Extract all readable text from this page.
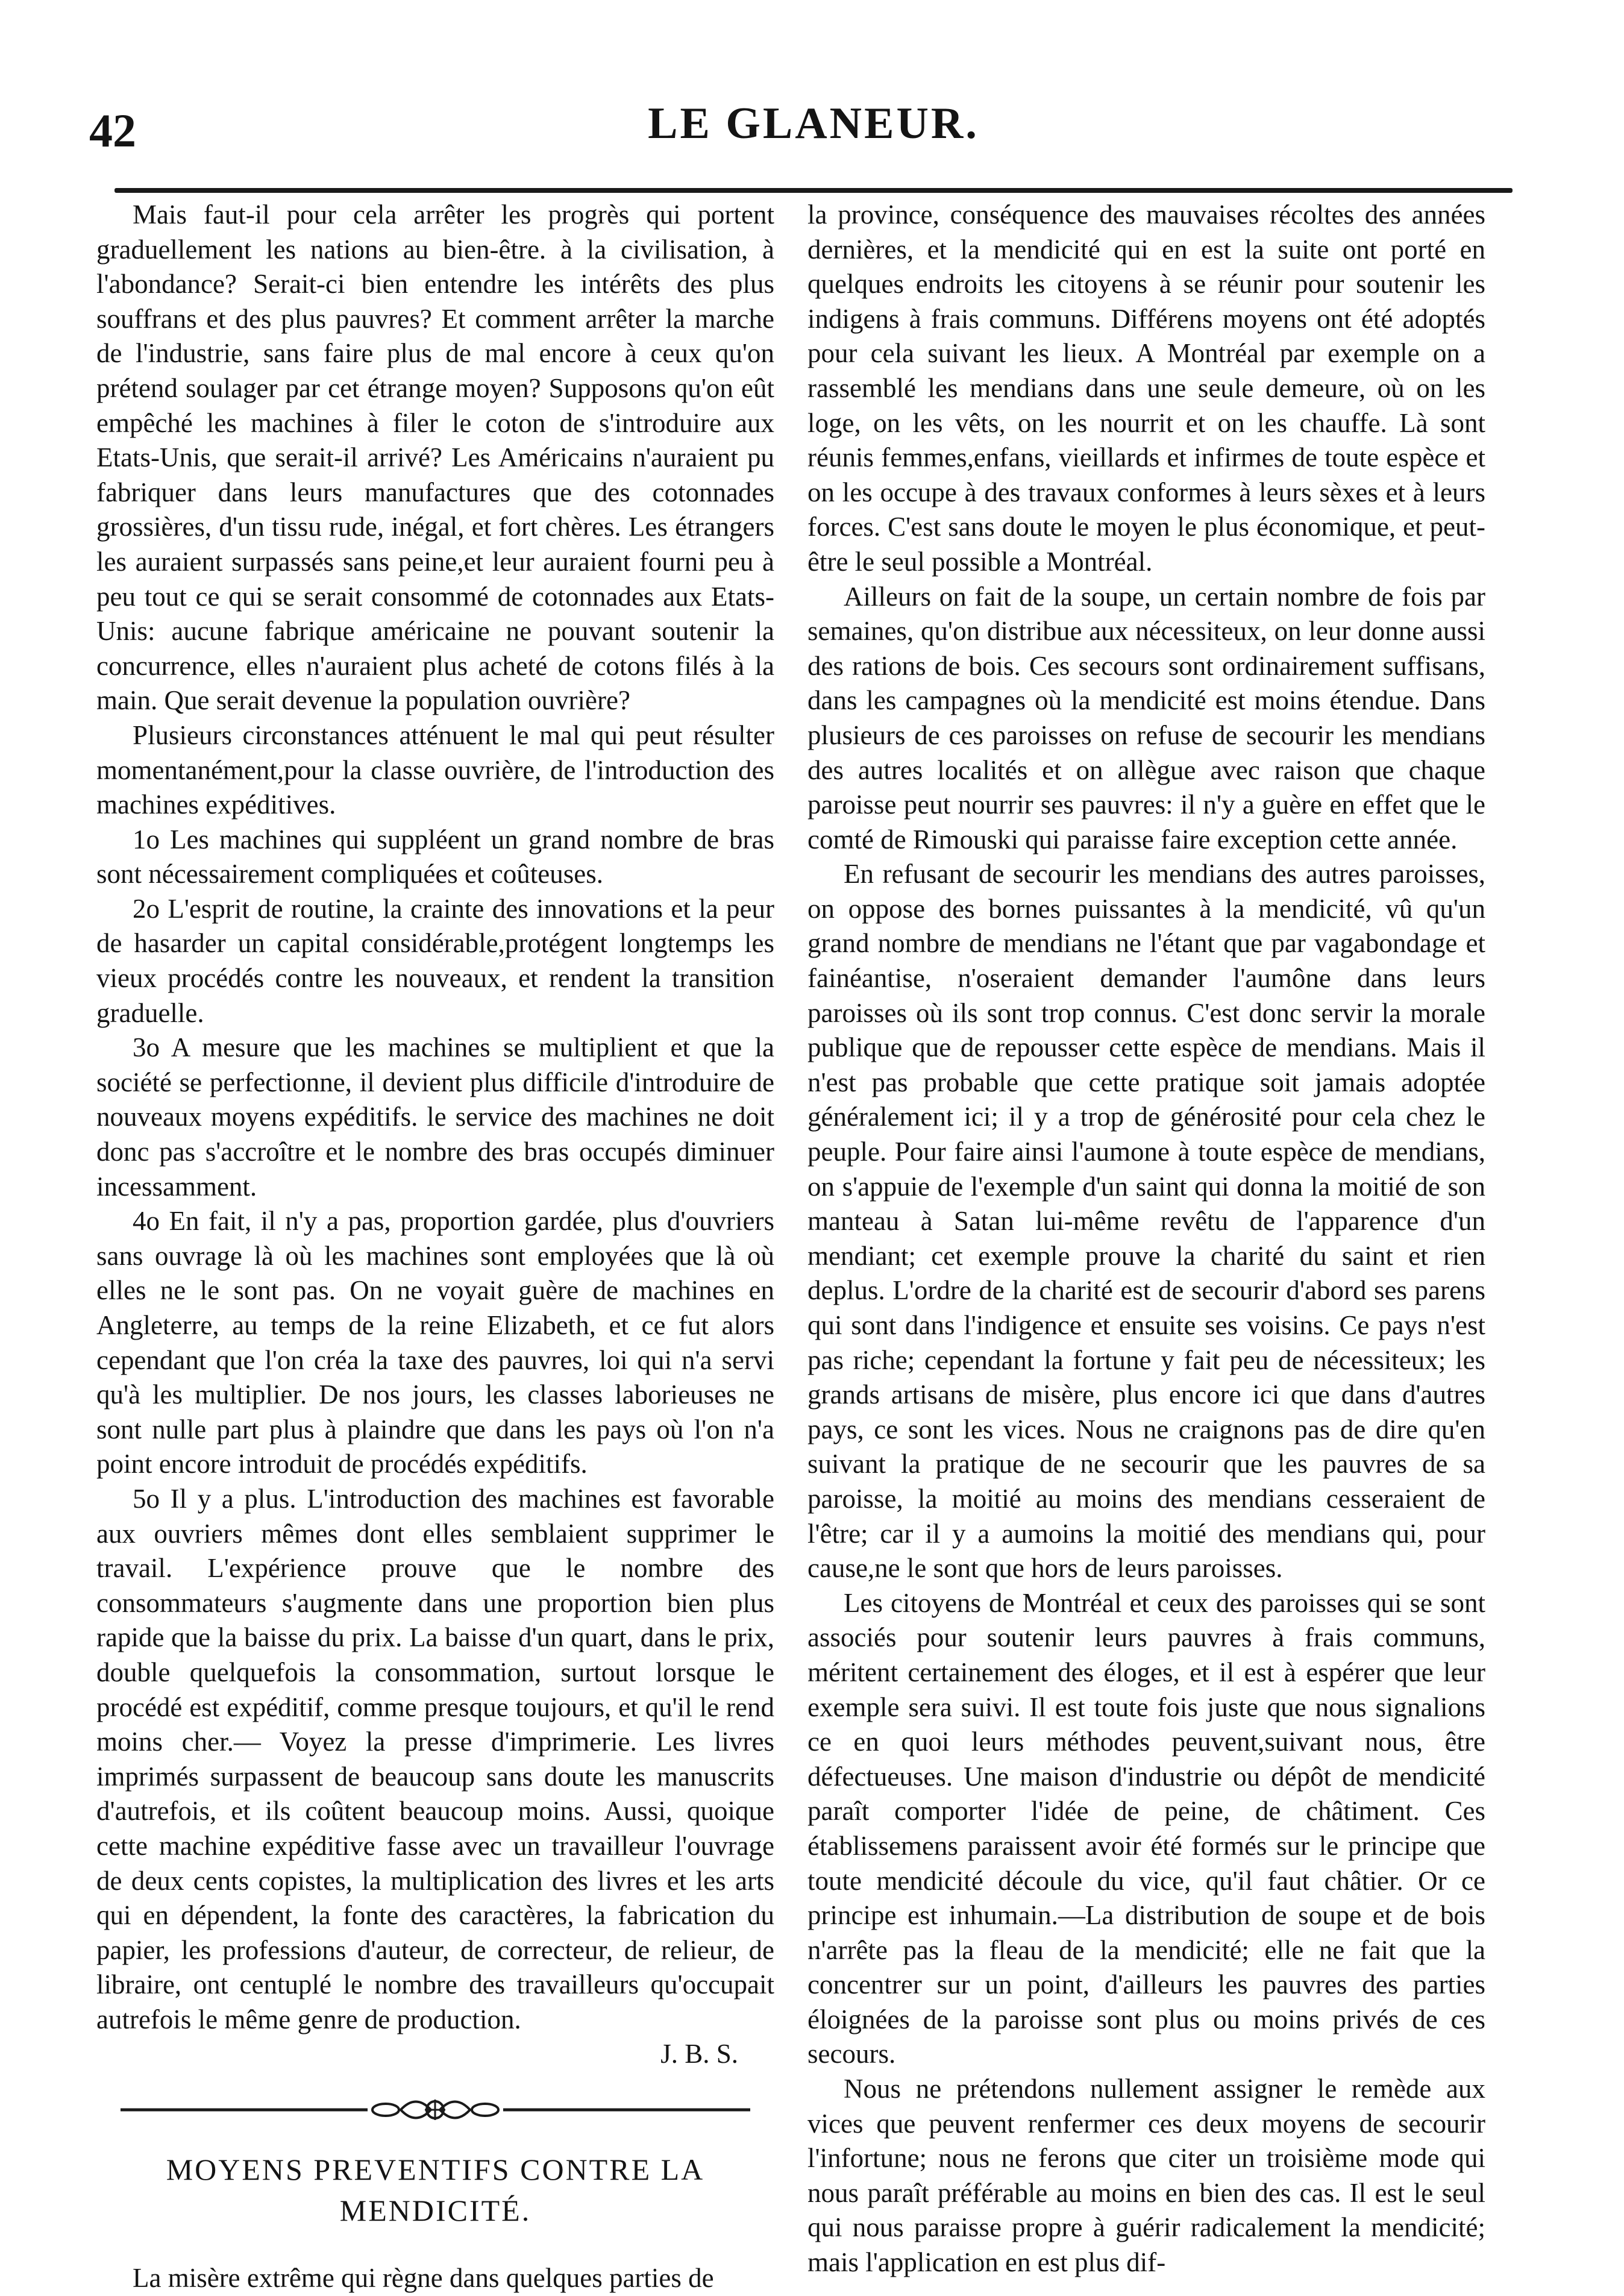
42	LE GLANEUR.

Mais faut-il pour cela arrêter les progrès qui portent graduellement les nations au bien-être. à la civilisation, à l'abondance? Serait-ci bien entendre les intérêts des plus souffrans et des plus pauvres? Et comment arrêter la marche de l'industrie, sans faire plus de mal encore à ceux qu'on prétend soulager par cet étrange moyen? Supposons qu'on eût empêché les machines à filer le coton de s'introduire aux Etats-Unis, que serait-il arrivé? Les Américains n'auraient pu fabriquer dans leurs manufactures que des cotonnades grossières, d'un tissu rude, inégal, et fort chères. Les étrangers les auraient surpassés sans peine,et leur auraient fourni peu à peu tout ce qui se serait consommé de cotonnades aux Etats-Unis: aucune fabrique américaine ne pouvant soutenir la concurrence, elles n'auraient plus acheté de cotons filés à la main. Que serait devenue la population ouvrière?

Plusieurs circonstances atténuent le mal qui peut résulter momentanément,pour la classe ouvrière, de l'introduction des machines expéditives.

1o Les machines qui suppléent un grand nombre de bras sont nécessairement compliquées et coûteuses.

2o L'esprit de routine, la crainte des innovations et la peur de hasarder un capital considérable,protégent longtemps les vieux procédés contre les nouveaux, et rendent la transition graduelle.

3o A mesure que les machines se multiplient et que la société se perfectionne, il devient plus difficile d'introduire de nouveaux moyens expéditifs. le service des machines ne doit donc pas s'accroître et le nombre des bras occupés diminuer incessamment.

4o En fait, il n'y a pas, proportion gardée, plus d'ouvriers sans ouvrage là où les machines sont employées que là où elles ne le sont pas. On ne voyait guère de machines en Angleterre, au temps de la reine Elizabeth, et ce fut alors cependant que l'on créa la taxe des pauvres, loi qui n'a servi qu'à les multiplier. De nos jours, les classes laborieuses ne sont nulle part plus à plaindre que dans les pays où l'on n'a point encore introduit de procédés expéditifs.

5o Il y a plus. L'introduction des machines est favorable aux ouvriers mêmes dont elles semblaient supprimer le travail. L'expérience prouve que le nombre des consommateurs s'augmente dans une proportion bien plus rapide que la baisse du prix. La baisse d'un quart, dans le prix, double quelquefois la consommation, surtout lorsque le procédé est expéditif, comme presque toujours, et qu'il le rend moins cher.— Voyez la presse d'imprimerie. Les livres imprimés surpassent de beaucoup sans doute les manuscrits d'autrefois, et ils coûtent beaucoup moins. Aussi, quoique cette machine expéditive fasse avec un travailleur l'ouvrage de deux cents copistes, la multiplication des livres et les arts qui en dépendent, la fonte des caractères, la fabrication du papier, les professions d'auteur, de correcteur, de relieur, de libraire, ont centuplé le nombre des travailleurs qu'occupait autrefois le même genre de production.

J. B. S.

MOYENS PREVENTIFS CONTRE LA
MENDICITÉ.

La misère extrême qui règne dans quelques parties de

la province, conséquence des mauvaises récoltes des années dernières, et la mendicité qui en est la suite ont porté en quelques endroits les citoyens à se réunir pour soutenir les indigens à frais communs. Différens moyens ont été adoptés pour cela suivant les lieux. A Montréal par exemple on a rassemblé les mendians dans une seule demeure, où on les loge, on les vêts, on les nourrit et on les chauffe. Là sont réunis femmes,enfans, vieillards et infirmes de toute espèce et on les occupe à des travaux conformes à leurs sèxes et à leurs forces. C'est sans doute le moyen le plus économique, et peut-être le seul possible a Montréal.

Ailleurs on fait de la soupe, un certain nombre de fois par semaines, qu'on distribue aux nécessiteux, on leur donne aussi des rations de bois. Ces secours sont ordinairement suffisans, dans les campagnes où la mendicité est moins étendue. Dans plusieurs de ces paroisses on refuse de secourir les mendians des autres localités et on allègue avec raison que chaque paroisse peut nourrir ses pauvres: il n'y a guère en effet que le comté de Rimouski qui paraisse faire exception cette année.

En refusant de secourir les mendians des autres paroisses, on oppose des bornes puissantes à la mendicité, vû qu'un grand nombre de mendians ne l'étant que par vagabondage et fainéantise, n'oseraient demander l'aumône dans leurs paroisses où ils sont trop connus. C'est donc servir la morale publique que de repousser cette espèce de mendians. Mais il n'est pas probable que cette pratique soit jamais adoptée généralement ici; il y a trop de générosité pour cela chez le peuple. Pour faire ainsi l'aumone à toute espèce de mendians, on s'appuie de l'exemple d'un saint qui donna la moitié de son manteau à Satan lui-même revêtu de l'apparence d'un mendiant; cet exemple prouve la charité du saint et rien deplus. L'ordre de la charité est de secourir d'abord ses parens qui sont dans l'indigence et ensuite ses voisins. Ce pays n'est pas riche; cependant la fortune y fait peu de nécessiteux; les grands artisans de misère, plus encore ici que dans d'autres pays, ce sont les vices. Nous ne craignons pas de dire qu'en suivant la pratique de ne secourir que les pauvres de sa paroisse, la moitié au moins des mendians cesseraient de l'être; car il y a aumoins la moitié des mendians qui, pour cause,ne le sont que hors de leurs paroisses.

Les citoyens de Montréal et ceux des paroisses qui se sont associés pour soutenir leurs pauvres à frais communs, méritent certainement des éloges, et il est à espérer que leur exemple sera suivi. Il est toute fois juste que nous signalions ce en quoi leurs méthodes peuvent,suivant nous, être défectueuses. Une maison d'industrie ou dépôt de mendicité paraît comporter l'idée de peine, de châtiment. Ces établissemens paraissent avoir été formés sur le principe que toute mendicité découle du vice, qu'il faut châtier. Or ce principe est inhumain.—La distribution de soupe et de bois n'arrête pas la fleau de la mendicité; elle ne fait que la concentrer sur un point, d'ailleurs les pauvres des parties éloignées de la paroisse sont plus ou moins privés de ces secours.

Nous ne prétendons nullement assigner le remède aux vices que peuvent renfermer ces deux moyens de secourir l'infortune; nous ne ferons que citer un troisième mode qui nous paraît préférable au moins en bien des cas. Il est le seul qui nous paraisse propre à guérir radicalement la mendicité; mais l'application en est plus dif-
